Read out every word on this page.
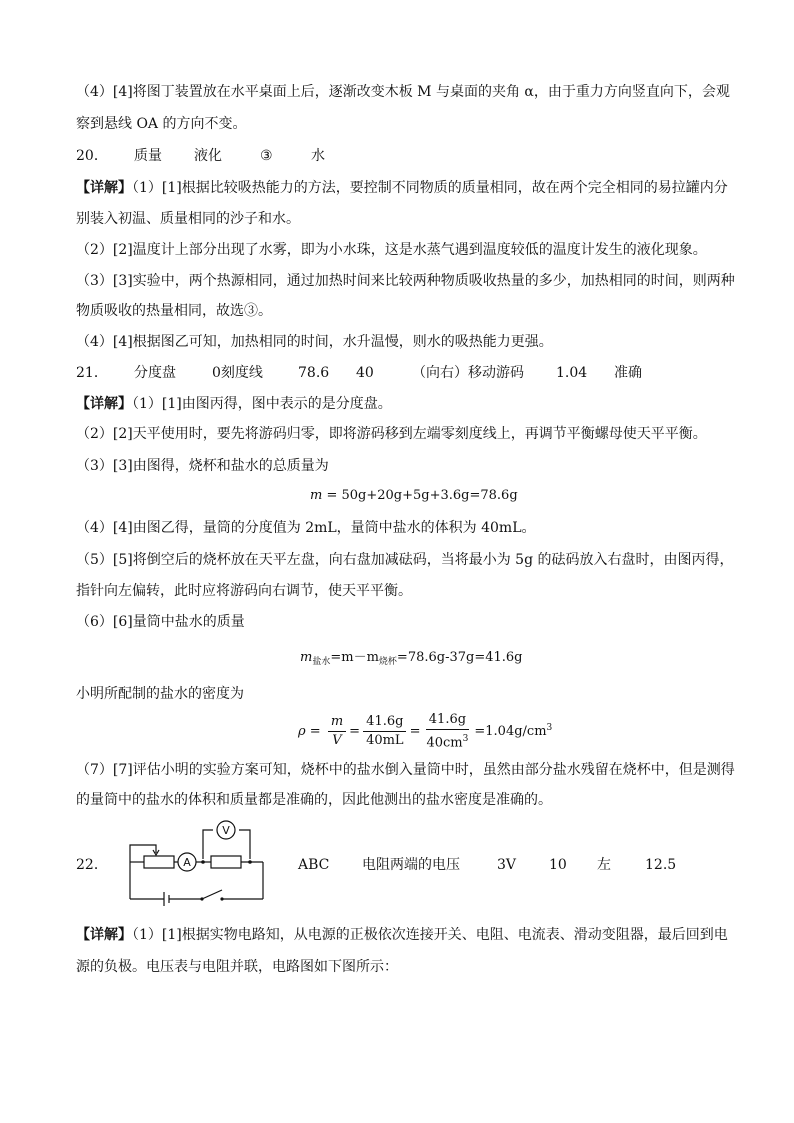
（4）[4]将图丁装置放在水平桌面上后，逐渐改变木板 M 与桌面的夹角 α，由于重力方向竖直向下，会观
察到悬线 OA 的方向不变。
20． 质量 液化	③	水
【详解】（1）[1]根据比较吸热能力的方法，要控制不同物质的质量相同，故在两个完全相同的易拉罐内分
别装入初温、质量相同的沙子和水。
（2）[2]温度计上部分出现了水雾，即为小水珠，这是水蒸气遇到温度较低的温度计发生的液化现象。
（3）[3]实验中，两个热源相同，通过加热时间来比较两种物质吸收热量的多少，加热相同的时间，则两种
物质吸收的热量相同，故选③。
（4）[4]根据图乙可知，加热相同的时间，水升温慢，则水的吸热能力更强。
21． 分度盘	0刻度线	78.6 40	（向右）移动游码 1.04 准确
【详解】（1）[1]由图丙得，图中表示的是分度盘。
（2）[2]天平使用时，要先将游码归零，即将游码移到左端零刻度线上，再调节平衡螺母使天平平衡。
（3）[3]由图得，烧杯和盐水的总质量为
m = 50g+20g+5g+3.6g=78.6g
（4）[4]由图乙得，量筒的分度值为 2mL，量筒中盐水的体积为 40mL。
（5）[5]将倒空后的烧杯放在天平左盘，向右盘加减砝码，当将最小为 5g 的砝码放入右盘时，由图丙得，
指针向左偏转，此时应将游码向右调节，使天平平衡。
（6）[6]量筒中盐水的质量
$m_{盐水}=m-m_{烧杯}=78.6g-37g=41.6g$
小明所配制的盐水的密度为
$\rho = \frac{m}{V} = \frac{41.6g}{40mL} = \frac{41.6g}{40cm^3} =1.04g/cm^3$
（7）[7]评估小明的实验方案可知，烧杯中的盐水倒入量筒中时，虽然由部分盐水残留在烧杯中，但是测得
的量筒中的盐水的体积和质量都是准确的，因此他测出的盐水密度是准确的。
22．
V
A	ABC 电阻两端的电压	3V 10 左 12.5
【详解】（1）[1]根据实物电路知，从电源的正极依次连接开关、电阻、电流表、滑动变阻器，最后回到电
源的负极。电压表与电阻并联，电路图如下图所示：
